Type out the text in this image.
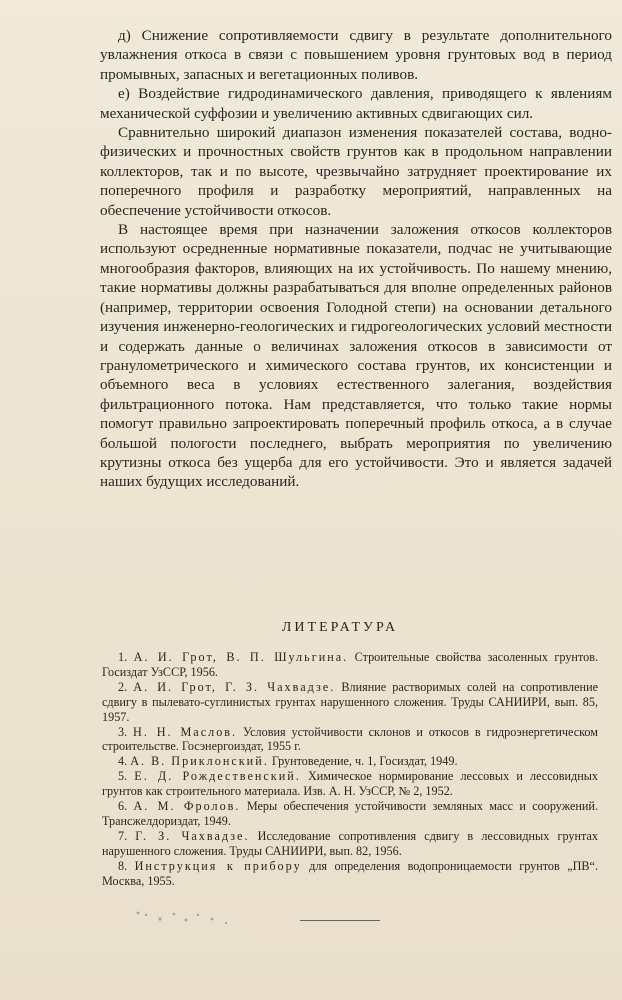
д) Снижение сопротивляемости сдвигу в результате дополнительного увлажнения откоса в связи с повышением уровня грунтовых вод в период промывных, запасных и вегетационных поливов.

е) Воздействие гидродинамического давления, приводящего к явлениям механической суффозии и увеличению активных сдвигающих сил.

Сравнительно широкий диапазон изменения показателей состава, водно-физических и прочностных свойств грунтов как в продольном направлении коллекторов, так и по высоте, чрезвычайно затрудняет проектирование их поперечного профиля и разработку мероприятий, направленных на обеспечение устойчивости откосов.

В настоящее время при назначении заложения откосов коллекторов используют осредненные нормативные показатели, подчас не учитывающие многообразия факторов, влияющих на их устойчивость. По нашему мнению, такие нормативы должны разрабатываться для вполне определенных районов (например, территории освоения Голодной степи) на основании детального изучения инженерно-геологических и гидрогеологических условий местности и содержать данные о величинах заложения откосов в зависимости от гранулометрического и химического состава грунтов, их консистенции и объемного веса в условиях естественного залегания, воздействия фильтрационного потока. Нам представляется, что только такие нормы помогут правильно запроектировать поперечный профиль откоса, а в случае большой пологости последнего, выбрать мероприятия по увеличению крутизны откоса без ущерба для его устойчивости. Это и является задачей наших будущих исследований.

ЛИТЕРАТУРА

1. А. И. Грот, В. П. Шульгина. Строительные свойства засоленных грунтов. Госиздат УзССР, 1956.

2. А. И. Грот, Г. З. Чахвадзе. Влияние растворимых солей на сопротивление сдвигу в пылевато-суглинистых грунтах нарушенного сложения. Труды САНИИРИ, вып. 85, 1957.

3. Н. Н. Маслов. Условия устойчивости склонов и откосов в гидроэнергетическом строительстве. Госэнергоиздат, 1955 г.

4. А. В. Приклонский. Грунтоведение, ч. 1, Госиздат, 1949.

5. Е. Д. Рождественский. Химическое нормирование лессовых и лессовидных грунтов как строительного материала. Изв. А. Н. УзССР, № 2, 1952.

6. А. М. Фролов. Меры обеспечения устойчивости земляных масс и сооружений. Трансжелдориздат, 1949.

7. Г. З. Чахвадзе. Исследование сопротивления сдвигу в лессовидных грунтах нарушенного сложения. Труды САНИИРИ, вып. 82, 1956.

8. Инструкция к прибору для определения водопроницаемости грунтов „ПВ“. Москва, 1955.
